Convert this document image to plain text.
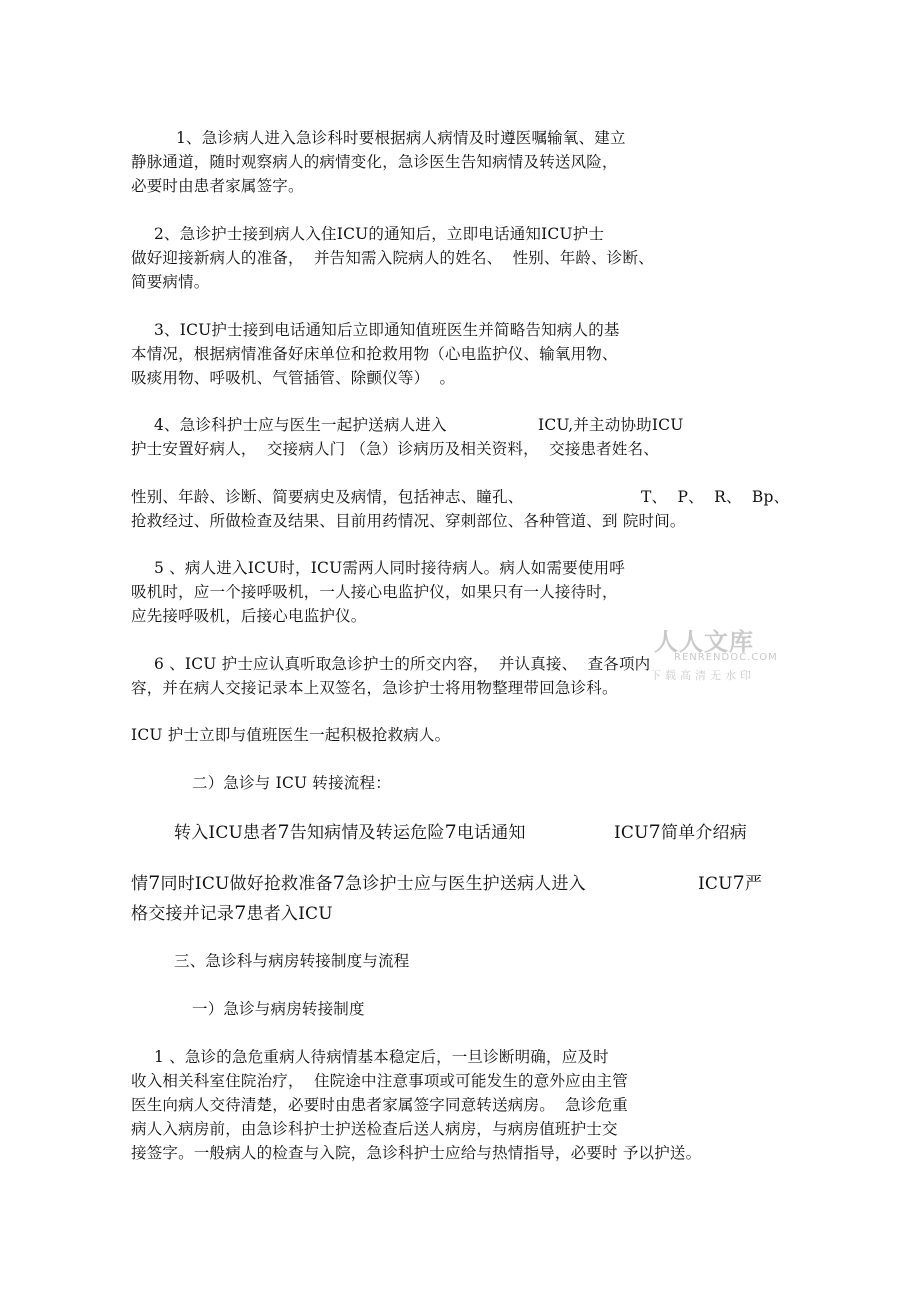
1、急诊病人进入急诊科时要根据病人病情及时遵医嘱输氧、建立
静脉通道，随时观察病人的病情变化，急诊医生告知病情及转送风险，
必要时由患者家属签字。
2、急诊护士接到病人入住ICU的通知后，立即电话通知ICU护士
做好迎接新病人的准备，  并告知需入院病人的姓名、  性别、年龄、诊断、
简要病情。
3、ICU护士接到电话通知后立即通知值班医生并简略告知病人的基
本情况，根据病情准备好床单位和抢救用物（心电监护仪、输氧用物、
吸痰用物、呼吸机、气管插管、除颤仪等）  。
4、急诊科护士应与医生一起护送病人进入	ICU,并主动协助ICU
护士安置好病人，  交接病人门 （急）诊病历及相关资料，  交接患者姓名、
性别、年龄、诊断、简要病史及病情，包括神志、瞳孔、	T、  P、  R、  Bp、
抢救经过、所做检查及结果、目前用药情况、穿刺部位、各种管道、到 院时间。
5 、病人进入ICU时，ICU需两人同时接待病人。病人如需要使用呼
吸机时，应一个接呼吸机，一人接心电监护仪，如果只有一人接待时，
应先接呼吸机，后接心电监护仪。
6 、ICU 护士应认真听取急诊护士的所交内容，  并认真接、  查各项内
容，并在病人交接记录本上双签名，急诊护士将用物整理带回急诊科。
ICU 护士立即与值班医生一起积极抢救病人。
二）急诊与 ICU 转接流程：
转入ICU患者7告知病情及转运危险7电话通知	ICU7简单介绍病
情7同时ICU做好抢救准备7急诊护士应与医生护送病人进入	ICU7严
格交接并记录7患者入ICU
三、急诊科与病房转接制度与流程
一）急诊与病房转接制度
1 、急诊的急危重病人待病情基本稳定后，一旦诊断明确，应及时
收入相关科室住院治疗，  住院途中注意事项或可能发生的意外应由主管
医生向病人交待清楚，必要时由患者家属签字同意转送病房。  急诊危重
病人入病房前，由急诊科护士护送检查后送人病房，与病房值班护士交
接签字。一般病人的检查与入院，急诊科护士应给与热情指导，必要时 予以护送。
人人文库
RENRENDOC.COM
下载高清无水印
